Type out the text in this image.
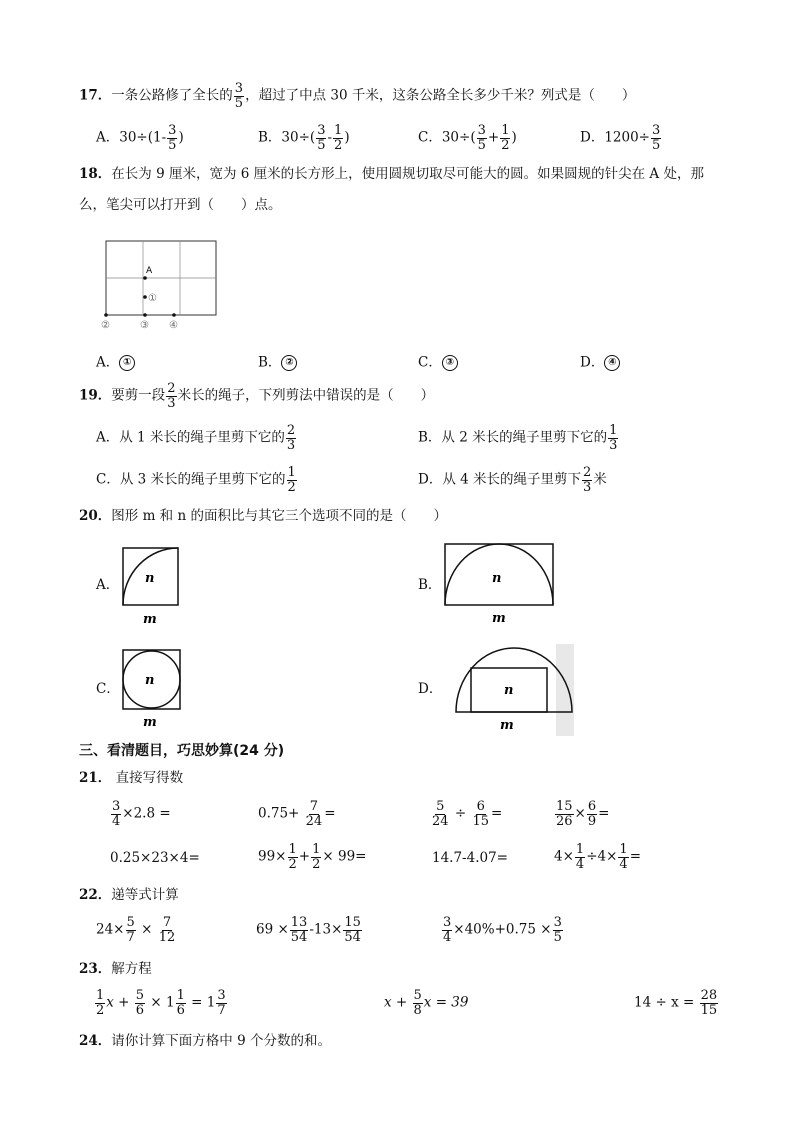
17．一条公路修了全长的 $\frac{3}{5}$ ，超过了中点 30 千米，这条公路全长多少千米？列式是（　　）
A．$30\div(1- \frac{3}{5}$ )	B．$30\div( \frac{3}{5} - \frac{1}{2}$ )	C．$30\div( \frac{3}{5} + \frac{1}{2}$ )	D．$1200\div \frac{3}{5}$
18．在长为 9 厘米，宽为 6 厘米的长方形上，使用圆规切取尽可能大的圆。如果圆规的针尖在 A 处，那
么，笔尖可以打开到（　　）点。
A
①
②	③ ④
A． ①	B． ②	C． ③	D． ④
19．要剪一段 $\frac{2}{3}$ 米长的绳子，下列剪法中错误的是（　　）
A．从 1 米长的绳子里剪下它的 $\frac{2}{3}$	B．从 2 米长的绳子里剪下它的 $\frac{1}{3}$
C．从 3 米长的绳子里剪下它的 $\frac{1}{2}$	D．从 4 米长的绳子里剪下 $\frac{2}{3}$ 米
20．图形 m 和 n 的面积比与其它三个选项不同的是（　　）
A． n
m
B．	n
m
C．
n
m
D．	n
m
三、看清题目，巧思妙算(24 分)
21． 直接写得数
$\frac{3}{4} \times 2.8$ =	$0.75+ \frac{7}{24}$ =	$\frac{5}{24} \div \frac{6}{15}$ =	$\frac{15}{26} \times \frac{6}{9}$ =
0.25×23×4=	$99\times \frac{1}{2} + \frac{1}{2} \times 99=$	14.7-4.07=	$4\times \frac{1}{4} \div 4\times \frac{1}{4}$ =
22．递等式计算
$24\times \frac{5}{7} \times \frac{7}{12}$	$69 \times \frac{13}{54} -13\times \frac{15}{54}$	$\frac{3}{4} \times 40\%+0.75 \times \frac{3}{5}$
23．解方程
$\frac{1}{2}$ $x + \frac{5}{6} \times 1 \frac{1}{6} = 1 \frac{3}{7}$	$x + \frac{5}{8}$ x = 39	$14 \div x = \frac{28}{15}$
24．请你计算下面方格中 9 个分数的和。
